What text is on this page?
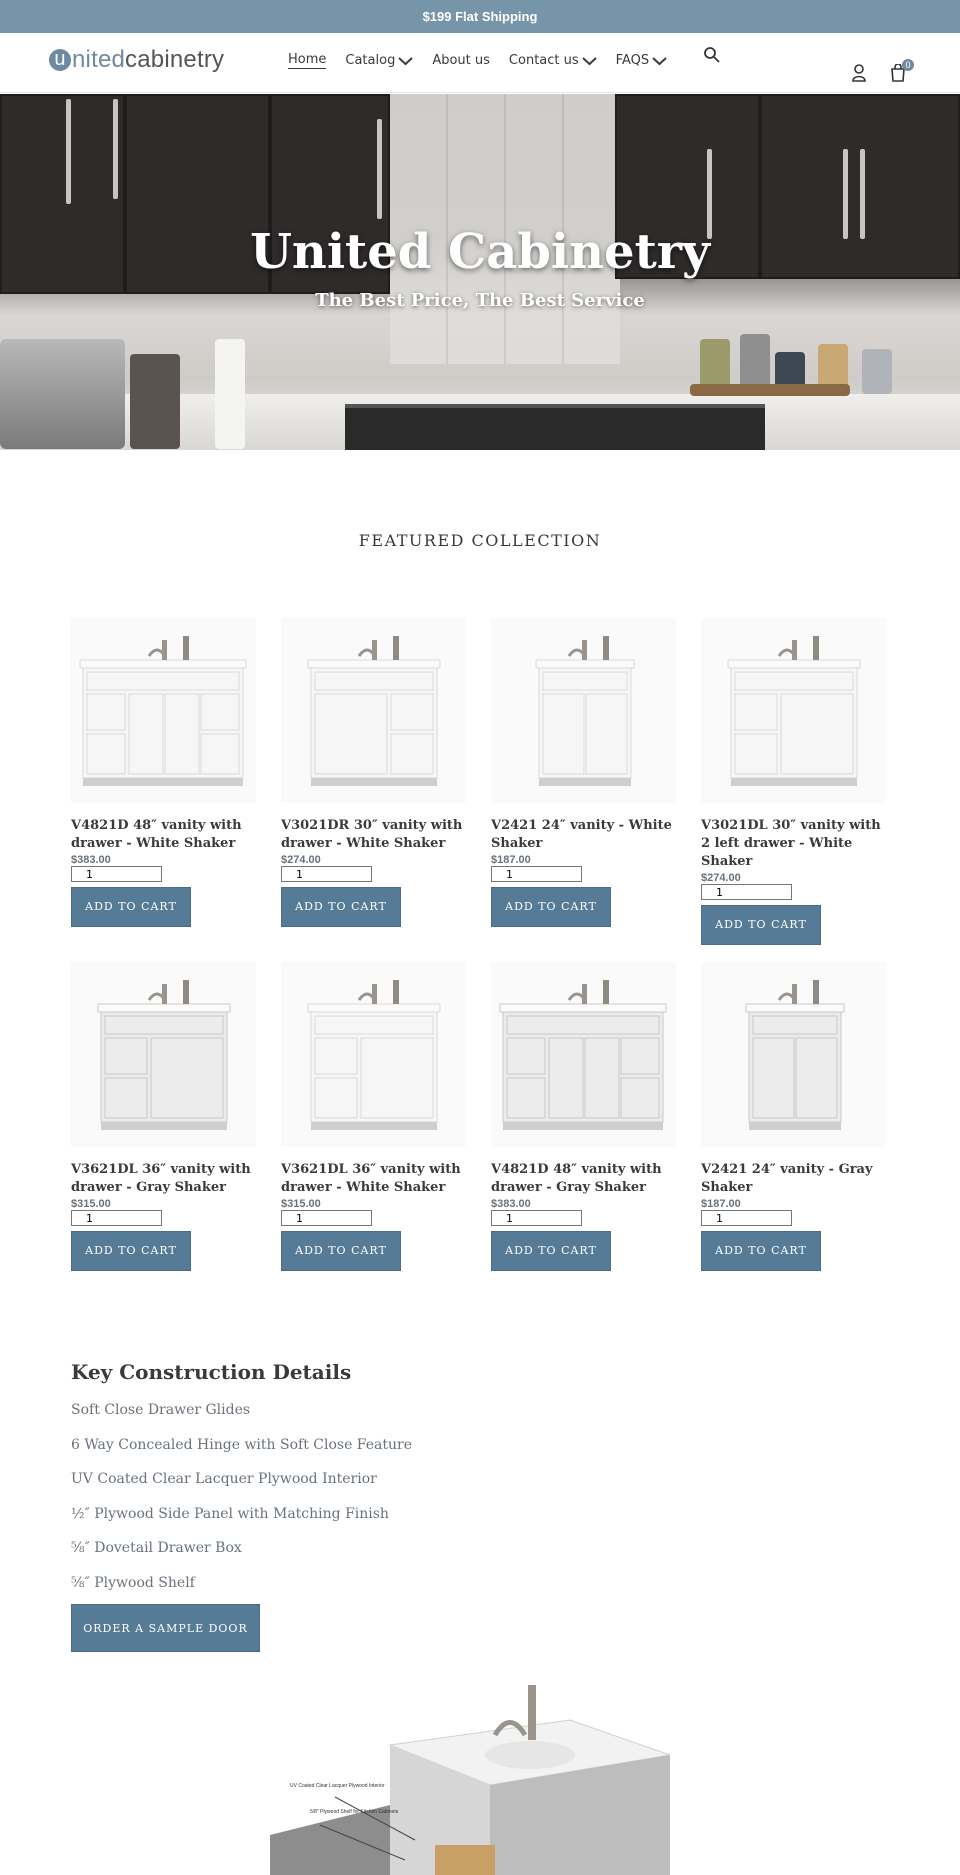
$199 Flat Shipping
u nited cabinetry	Home Catalog	About us Contact us	FAQS	0
United Cabinetry
The Best Price, The Best Service
FEATURED COLLECTION
V4821D 48″ vanity with drawer - White Shaker
$383.00
1
ADD TO CART
V3021DR 30″ vanity with drawer - White Shaker
$274.00
1
ADD TO CART
V2421 24″ vanity - White Shaker
$187.00
1
ADD TO CART
V3021DL 30″ vanity with 2 left drawer - White Shaker
$274.00
1
ADD TO CART
V3621DL 36″ vanity with drawer - Gray Shaker
$315.00
1
ADD TO CART
V3621DL 36″ vanity with drawer - White Shaker
$315.00
1
ADD TO CART
V4821D 48″ vanity with drawer - Gray Shaker
$383.00
1
ADD TO CART
V2421 24″ vanity - Gray Shaker
$187.00
1
ADD TO CART
Key Construction Details
Soft Close Drawer Glides
6 Way Concealed Hinge with Soft Close Feature
UV Coated Clear Lacquer Plywood Interior
½″ Plywood Side Panel with Matching Finish
⅝″ Dovetail Drawer Box
⅝″ Plywood Shelf
ORDER A SAMPLE DOOR
UV Coated Clear Lacquer Plywood Interior
5/8" Plywood Shelf for Kitchen Cabinets
